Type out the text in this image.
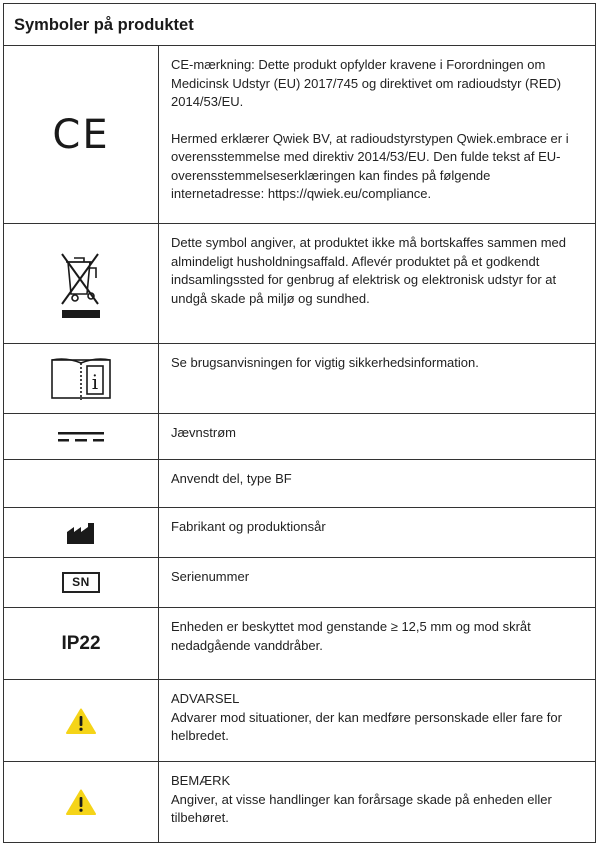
Symboler på produktet
CE

CE-mærkning: Dette produkt opfylder kravene i Forordningen om Medicinsk Udstyr (EU) 2017/745 og direktivet om radioudstyr (RED) 2014/53/EU.

Hermed erklærer Qwiek BV, at radioudstyrstypen Qwiek.embrace er i overensstemmelse med direktiv 2014/53/EU. Den fulde tekst af EU-overensstemmelseserklæringen kan findes på følgende internetadresse: https://qwiek.eu/compliance.

Dette symbol angiver, at produktet ikke må bortskaffes sammen med almindeligt husholdningsaffald. Aflevér produktet på et godkendt indsamlingssted for genbrug af elektrisk og elektronisk udstyr for at undgå skade på miljø og sundhed.

i

Se brugsanvisningen for vigtig sikkerhedsinformation.

Jævnstrøm

Anvendt del, type BF

Fabrikant og produktionsår

SN	Serienummer

IP22

Enheden er beskyttet mod genstande ≥ 12,5 mm og mod skråt nedadgående vanddråber.

ADVARSEL

Advarer mod situationer, der kan medføre personskade eller fare for helbredet.

BEMÆRK

Angiver, at visse handlinger kan forårsage skade på enheden eller tilbehøret.
